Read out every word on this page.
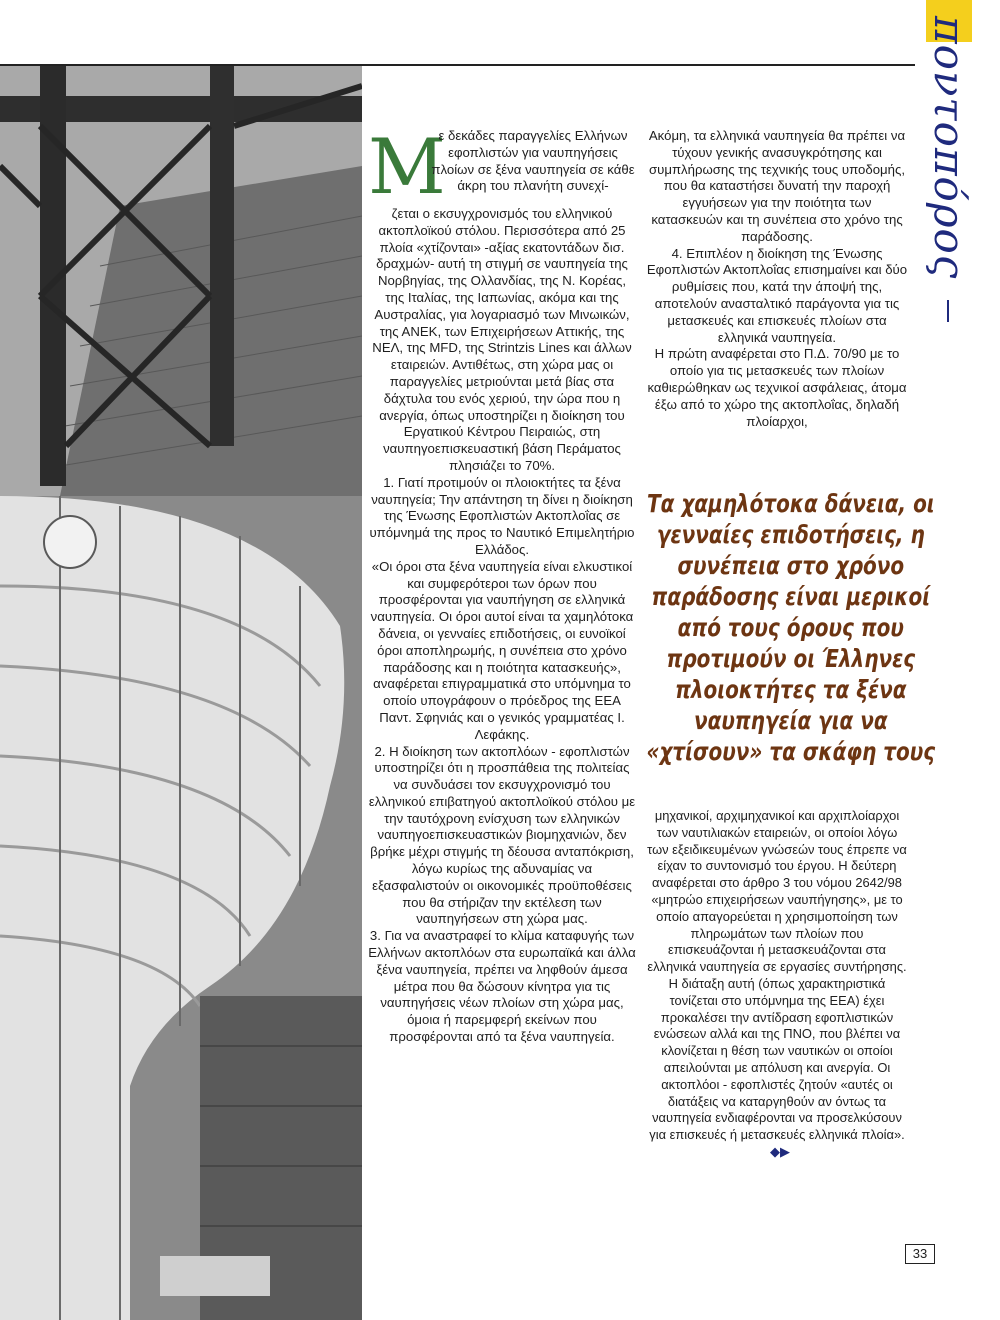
ποντοπόρος
Μ

ε δεκάδες παραγγελίες Ελλήνων εφοπλιστών για ναυπηγήσεις πλοίων σε ξένα ναυπηγεία σε κάθε άκρη του πλανήτη συνεχί-

ζεται ο εκσυγχρονισμός του ελληνικού ακτοπλοϊκού στόλου. Περισσότερα από 25 πλοία «χτίζονται» -αξίας εκατοντάδων δισ. δραχμών- αυτή τη στιγμή σε ναυπηγεία της Νορβηγίας, της Ολλανδίας, της Ν. Κορέας, της Ιταλίας, της Ιαπωνίας, ακόμα και της Αυστραλίας, για λογαριασμό των Μινωικών, της ΑΝΕΚ, των Επιχειρήσεων Αττικής, της ΝΕΛ, της MFD, της Strintzis Lines και άλλων εταιρειών. Αντιθέτως, στη χώρα μας οι παραγγελίες μετριούνται μετά βίας στα δάχτυλα του ενός χεριού, την ώρα που η ανεργία, όπως υποστηρίζει η διοίκηση του Εργατικού Κέντρου Πειραιώς, στη ναυπηγοεπισκευαστική βάση Περάματος πλησιάζει το 70%.

1. Γιατί προτιμούν οι πλοιοκτήτες τα ξένα ναυπηγεία; Την απάντηση τη δίνει η διοίκηση της Ένωσης Εφοπλιστών Ακτοπλοΐας σε υπόμνημά της προς το Ναυτικό Επιμελητήριο Ελλάδος.

«Οι όροι στα ξένα ναυπηγεία είναι ελκυστικοί και συμφερότεροι των όρων που προσφέρονται για ναυπήγηση σε ελληνικά ναυπηγεία. Οι όροι αυτοί είναι τα χαμηλότοκα δάνεια, οι γενναίες επιδοτήσεις, οι ευνοϊκοί όροι αποπληρωμής, η συνέπεια στο χρόνο παράδοσης και η ποιότητα κατασκευής», αναφέρεται επιγραμματικά στο υπόμνημα το οποίο υπογράφουν ο πρόεδρος της ΕΕΑ Παντ. Σφηνιάς και ο γενικός γραμματέας Ι. Λεφάκης.

2. Η διοίκηση των ακτοπλόων - εφοπλιστών υποστηρίζει ότι η προσπάθεια της πολιτείας να συνδυάσει τον εκσυγχρονισμό του ελληνικού επιβατηγού ακτοπλοϊκού στόλου με την ταυτόχρονη ενίσχυση των ελληνικών ναυπηγοεπισκευαστικών βιομηχανιών, δεν βρήκε μέχρι στιγμής τη δέουσα ανταπόκριση, λόγω κυρίως της αδυναμίας να εξασφαλιστούν οι οικονομικές προϋποθέσεις που θα στήριζαν την εκτέλεση των ναυπηγήσεων στη χώρα μας.

3. Για να αναστραφεί το κλίμα καταφυγής των Ελλήνων ακτοπλόων στα ευρωπαϊκά και άλλα ξένα ναυπηγεία, πρέπει να ληφθούν άμεσα μέτρα που θα δώσουν κίνητρα για τις ναυπηγήσεις νέων πλοίων στη χώρα μας, όμοια ή παρεμφερή εκείνων που προσφέρονται από τα ξένα ναυπηγεία.

Ακόμη, τα ελληνικά ναυπηγεία θα πρέπει να τύχουν γενικής ανασυγκρότησης και συμπλήρωσης της τεχνικής τους υποδομής, που θα καταστήσει δυνατή την παροχή εγγυήσεων για την ποιότητα των κατασκευών και τη συνέπεια στο χρόνο της παράδοσης.

4. Επιπλέον η διοίκηση της Ένωσης Εφοπλιστών Ακτοπλοΐας επισημαίνει και δύο ρυθμίσεις που, κατά την άποψή της, αποτελούν ανασταλτικό παράγοντα για τις μετασκευές και επισκευές πλοίων στα ελληνικά ναυπηγεία.

Η πρώτη αναφέρεται στο Π.Δ. 70/90 με το οποίο για τις μετασκευές των πλοίων καθιερώθηκαν ως τεχνικοί ασφάλειας, άτομα έξω από το χώρο της ακτοπλοΐας, δηλαδή πλοίαρχοι,

Τα χαμηλότοκα δάνεια, οι γενναίες επιδοτήσεις, η συνέπεια στο χρόνο παράδοσης είναι μερικοί από τους όρους που προτιμούν οι Έλληνες πλοιοκτήτες τα ξένα ναυπηγεία για να «χτίσουν» τα σκάφη τους

μηχανικοί, αρχιμηχανικοί και αρχιπλοίαρχοι των ναυτιλιακών εταιρειών, οι οποίοι λόγω των εξειδικευμένων γνώσεών τους έπρεπε να είχαν το συντονισμό του έργου. Η δεύτερη αναφέρεται στο άρθρο 3 του νόμου 2642/98 «μητρώο επιχειρήσεων ναυπήγησης», με το οποίο απαγορεύεται η χρησιμοποίηση των πληρωμάτων των πλοίων που επισκευάζονται ή μετασκευάζονται στα ελληνικά ναυπηγεία σε εργασίες συντήρησης. Η διάταξη αυτή (όπως χαρακτηριστικά τονίζεται στο υπόμνημα της ΕΕΑ) έχει προκαλέσει την αντίδραση εφοπλιστικών ενώσεων αλλά και της ΠΝΟ, που βλέπει να κλονίζεται η θέση των ναυτικών οι οποίοι απειλούνται με απόλυση και ανεργία. Οι ακτοπλόοι - εφοπλιστές ζητούν «αυτές οι διατάξεις να καταργηθούν αν όντως τα ναυπηγεία ενδιαφέρονται να προσελκύσουν για επισκευές ή μετασκευές ελληνικά πλοία».◆▶

33
